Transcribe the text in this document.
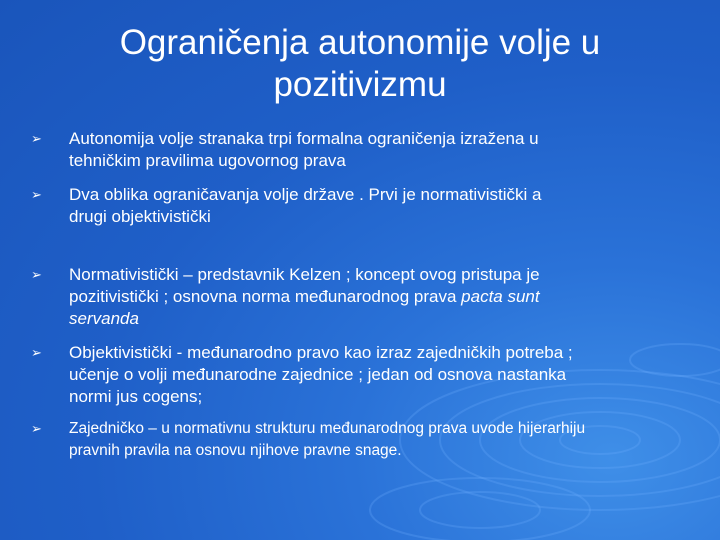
Ograničenja autonomije volje u
pozitivizmu
➢ Autonomija volje stranaka trpi formalna ograničenja izražena u
tehničkim pravilima ugovornog prava
➢ Dva oblika ograničavanja volje države . Prvi je normativistički a
drugi objektivistički
➢ Normativistički – predstavnik Kelzen ; koncept ovog pristupa je
pozitivistički ; osnovna norma međunarodnog prava pacta sunt
servanda
➢ Objektivistički - međunarodno pravo kao izraz zajedničkih potreba ;
učenje o volji međunarodne zajednice ; jedan od osnova nastanka
normi jus cogens;
➢ Zajedničko – u normativnu strukturu međunarodnog prava uvode hijerarhiju
pravnih pravila na osnovu njihove pravne snage.
